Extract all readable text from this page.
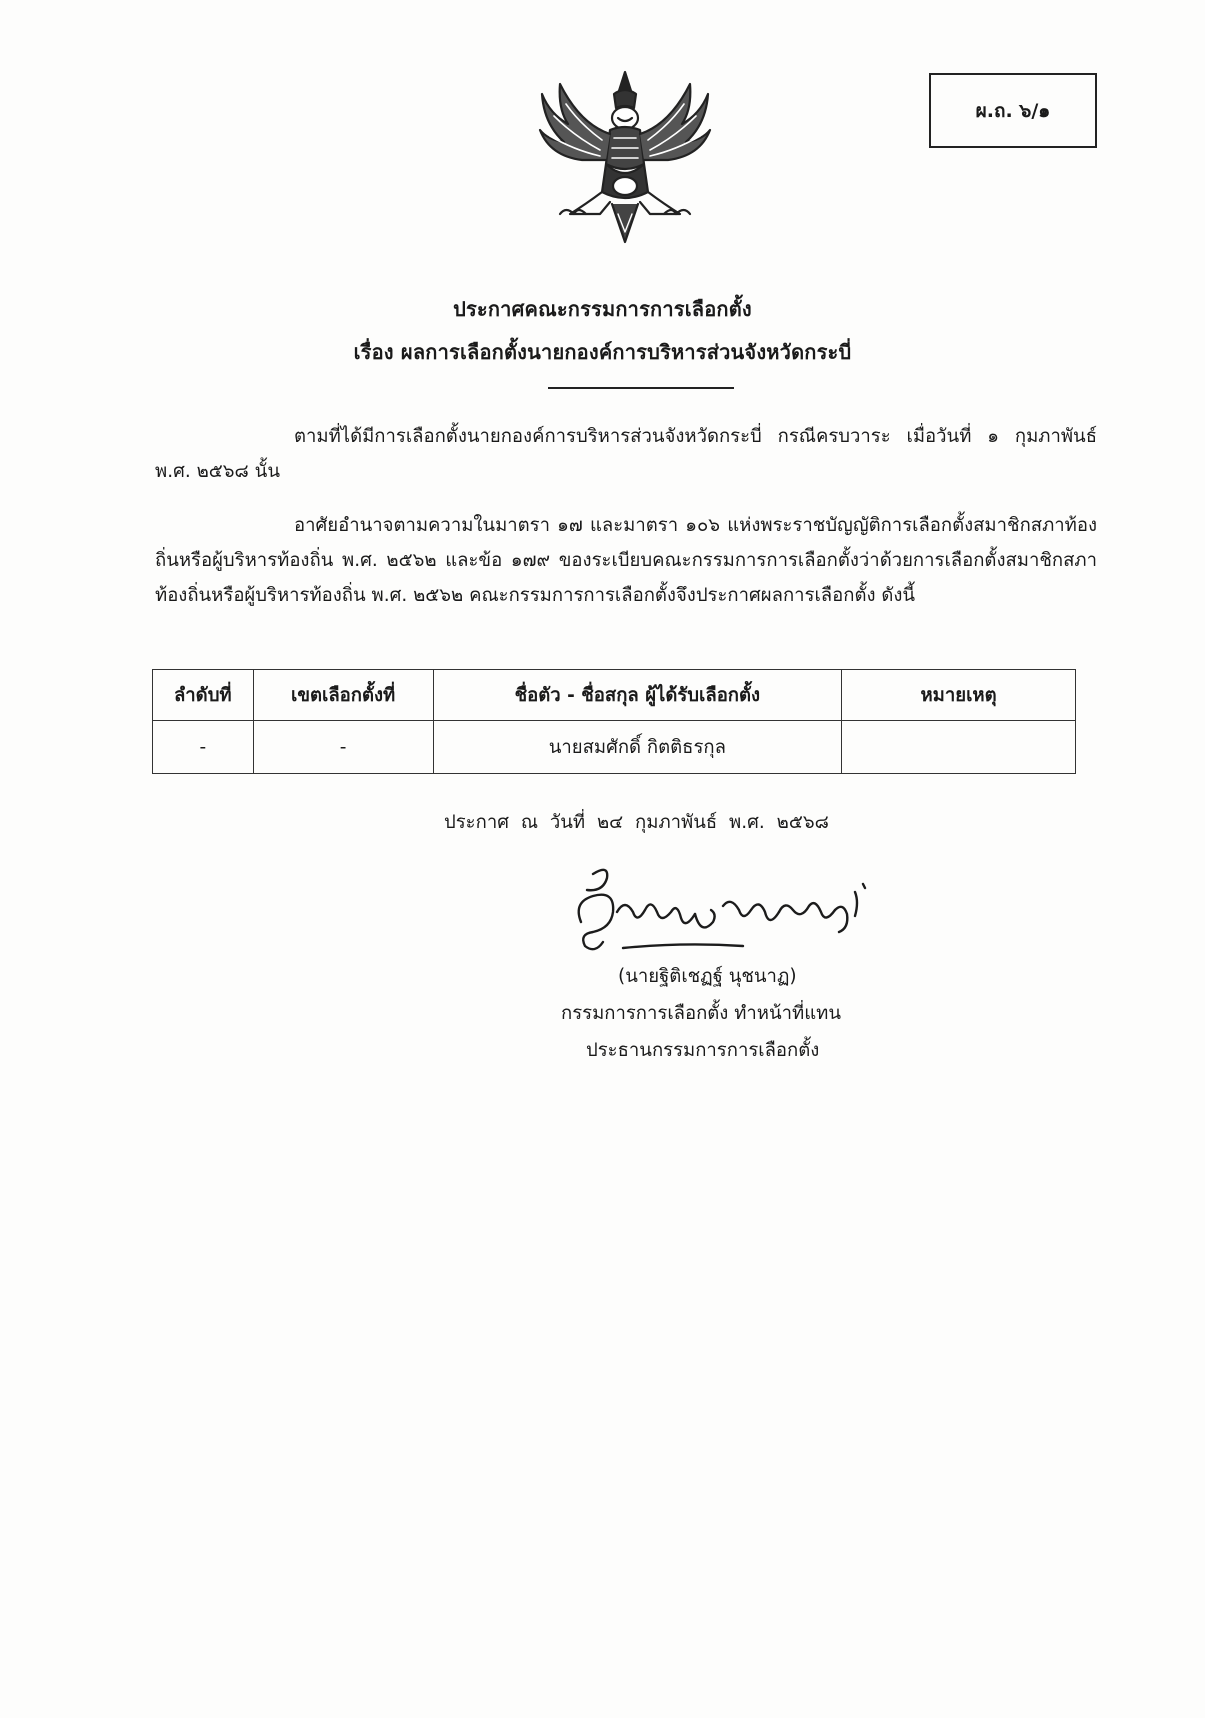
ผ.ถ. ๖/๑
ประกาศคณะกรรมการการเลือกตั้ง
เรื่อง ผลการเลือกตั้งนายกองค์การบริหารส่วนจังหวัดกระบี่
ตามที่ได้มีการเลือกตั้งนายกองค์การบริหารส่วนจังหวัดกระบี่ กรณีครบวาระ เมื่อวันที่ ๑ กุมภาพันธ์ พ.ศ. ๒๕๖๘ นั้น
อาศัยอำนาจตามความในมาตรา ๑๗ และมาตรา ๑๐๖ แห่งพระราชบัญญัติการเลือกตั้งสมาชิกสภาท้องถิ่นหรือผู้บริหารท้องถิ่น พ.ศ. ๒๕๖๒ และข้อ ๑๗๙ ของระเบียบคณะกรรมการการเลือกตั้งว่าด้วยการเลือกตั้งสมาชิกสภาท้องถิ่นหรือผู้บริหารท้องถิ่น พ.ศ. ๒๕๖๒ คณะกรรมการการเลือกตั้งจึงประกาศผลการเลือกตั้ง ดังนี้
ลำดับที่	เขตเลือกตั้งที่	ชื่อตัว - ชื่อสกุล ผู้ได้รับเลือกตั้ง	หมายเหตุ
-	-	นายสมศักดิ์ กิตติธรกุล	
ประกาศ ณ วันที่ ๒๔ กุมภาพันธ์ พ.ศ. ๒๕๖๘
(นายฐิติเชฏฐ์ นุชนาฏ)
กรรมการการเลือกตั้ง ทำหน้าที่แทน
ประธานกรรมการการเลือกตั้ง
